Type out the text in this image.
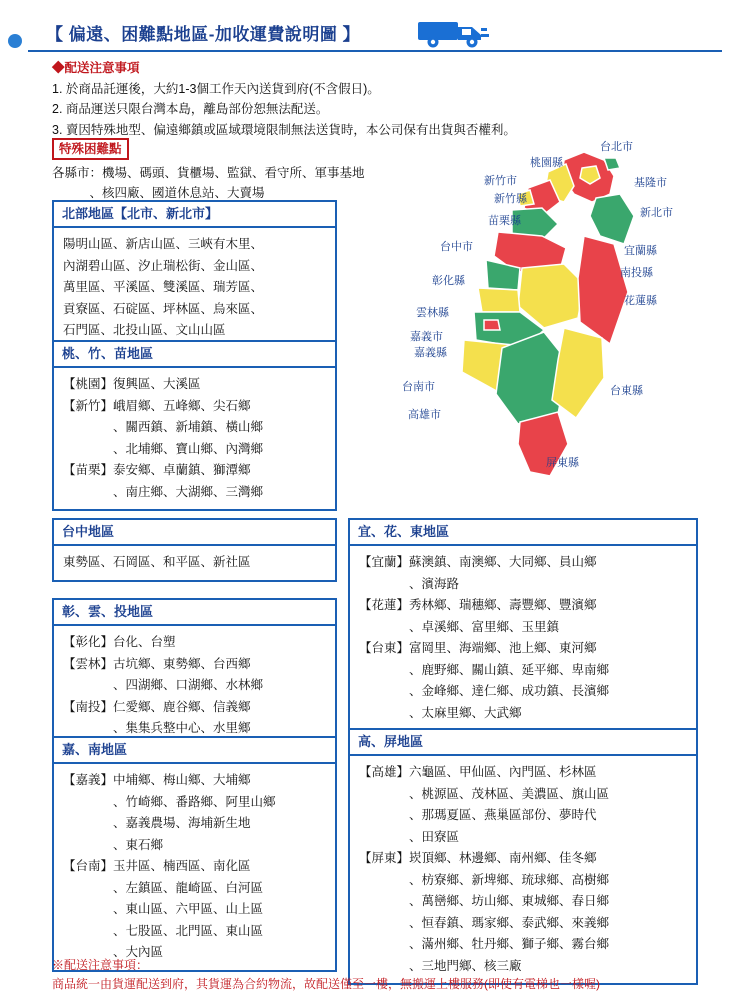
【 偏遠、困難點地區-加收運費說明圖 】
◆配送注意事項
1. 於商品託運後，大約1-3個工作天內送貨到府(不含假日)。
2. 商品運送只限台灣本島，離島部份恕無法配送。
3. 賣因特殊地型、偏遠鄉鎮或區域環境限制無法送貨時，本公司保有出貨與否權利。
特殊困難點
各縣市：機場、碼頭、貨櫃場、監獄、看守所、軍事基地
　　　、核四廠、國道休息站、大賣場
台北市
桃園縣
新竹市	基隆市
新竹縣
新北市
苗栗縣
台中市	宜蘭縣
彰化縣
南投縣
花蓮縣
雲林縣
嘉義市
嘉義縣
台南市	台東縣
高雄市
屏東縣
北部地區【北市、新北市】
陽明山區、新店山區、三峽有木里、
內湖碧山區、汐止瑞松街、金山區、
萬里區、平溪區、雙溪區、瑞芳區、
貢寮區、石碇區、坪林區、烏來區、
石門區、北投山區、文山山區
桃、竹、苗地區
【桃園】 復興區、大溪區
【新竹】 峨眉鄉、五峰鄉、尖石鄉

、關西鎮、新埔鎮、橫山鄉

、北埔鄉、寶山鄉、內灣鄉
【苗栗】 泰安鄉、卓蘭鎮、獅潭鄉

、南庄鄉、大湖鄉、三灣鄉
台中地區
東勢區、石岡區、和平區、新社區
彰、雲、投地區
【彰化】 台化、台塑
【雲林】 古坑鄉、東勢鄉、台西鄉

、四湖鄉、口湖鄉、水林鄉
【南投】 仁愛鄉、鹿谷鄉、信義鄉

、集集兵整中心、水里鄉
嘉、南地區
【嘉義】 中埔鄉、梅山鄉、大埔鄉

、竹崎鄉、番路鄉、阿里山鄉

、嘉義農場、海埔新生地

、東石鄉
【台南】 玉井區、楠西區、南化區

、左鎮區、龍崎區、白河區

、東山區、六甲區、山上區

、七股區、北門區、東山區

、大內區
宜、花、東地區
【宜蘭】 蘇澳鎮、南澳鄉、大同鄉、員山鄉

、濱海路
【花蓮】 秀林鄉、瑞穗鄉、壽豐鄉、豐濱鄉

、卓溪鄉、富里鄉、玉里鎮
【台東】 富岡里、海端鄉、池上鄉、東河鄉

、鹿野鄉、關山鎮、延平鄉、卑南鄉

、金峰鄉、達仁鄉、成功鎮、長濱鄉

、太麻里鄉、大武鄉
高、屏地區
【高雄】 六龜區、甲仙區、內門區、杉林區

、桃源區、茂林區、美濃區、旗山區

、那瑪夏區、燕巢區部份、夢時代

、田寮區
【屏東】 崁頂鄉、林邊鄉、南州鄉、佳冬鄉

、枋寮鄉、新埤鄉、琉球鄉、高樹鄉

、萬巒鄉、坊山鄉、東城鄉、春日鄉

、恒春鎮、瑪家鄉、泰武鄉、來義鄉

、滿州鄉、牡丹鄉、獅子鄉、霧台鄉

、三地門鄉、核三廠
※配送注意事項：
商品統一由貨運配送到府，其貨運為合約物流，故配送僅至一樓，無搬運上樓服務(即使有電梯也一樣喔)
